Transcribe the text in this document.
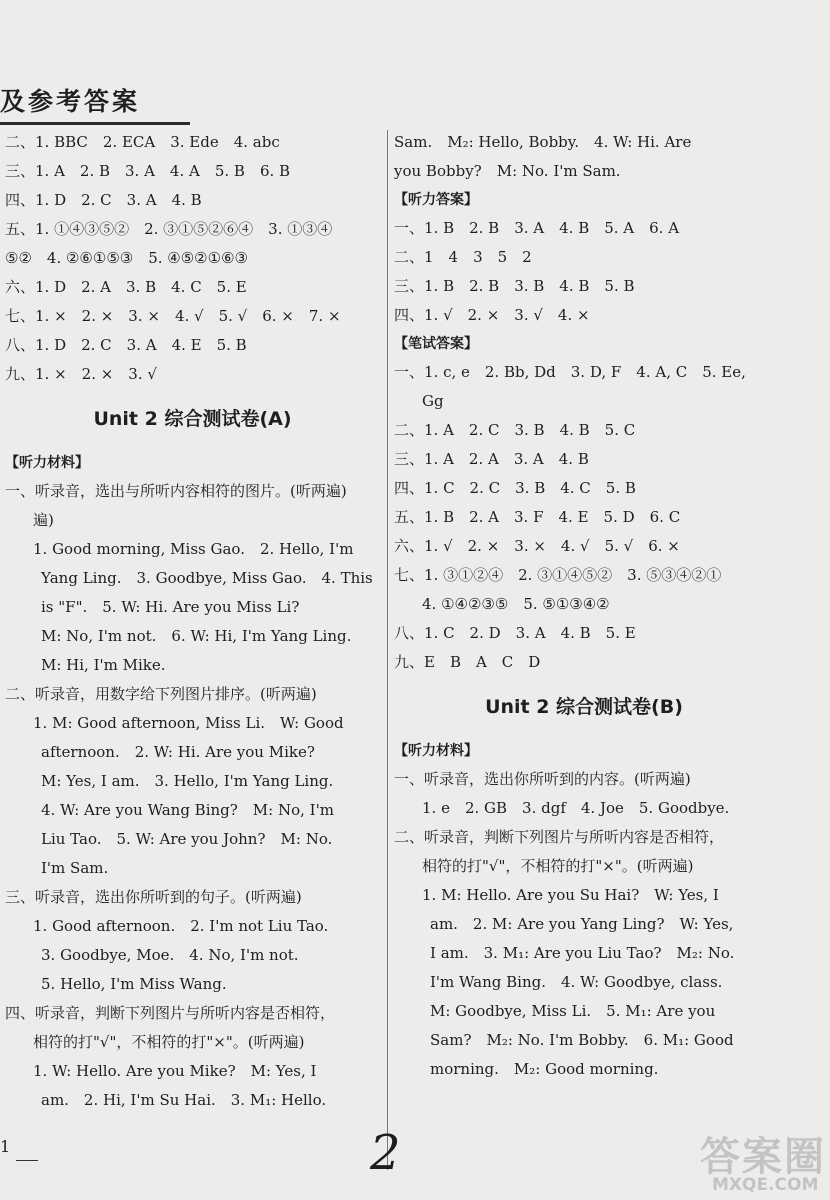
及参考答案
二、1. BBC　2. ECA　3. Ede　4. abc
三、1. A　2. B　3. A　4. A　5. B　6. B
四、1. D　2. C　3. A　4. B
五、1. ①④③⑤②　2. ③①⑤②⑥④　3. ①③④
⑤②　4. ②⑥①⑤③　5. ④⑤②①⑥③
六、1. D　2. A　3. B　4. C　5. E
七、1. ×　2. ×　3. ×　4. √　5. √　6. ×　7. ×
八、1. D　2. C　3. A　4. E　5. B
九、1. ×　2. ×　3. √
Unit 2 综合测试卷(A)
【听力材料】
一、听录音，选出与所听内容相符的图片。(听两遍)
遍)
1. Good morning, Miss Gao.　2. Hello, I'm
Yang Ling.　3. Goodbye, Miss Gao.　4. This
is "F".　5. W: Hi. Are you Miss Li?
M: No, I'm not.　6. W: Hi, I'm Yang Ling.
M: Hi, I'm Mike.
二、听录音，用数字给下列图片排序。(听两遍)
1. M: Good afternoon, Miss Li.　W: Good
afternoon.　2. W: Hi. Are you Mike?
M: Yes, I am.　3. Hello, I'm Yang Ling.
4. W: Are you Wang Bing?　M: No, I'm
Liu Tao.　5. W: Are you John?　M: No.
I'm Sam.
三、听录音，选出你所听到的句子。(听两遍)
1. Good afternoon.　2. I'm not Liu Tao.
3. Goodbye, Moe.　4. No, I'm not.
5. Hello, I'm Miss Wang.
四、听录音，判断下列图片与所听内容是否相符，
相符的打"√"，不相符的打"×"。(听两遍)
1. W: Hello. Are you Mike?　M: Yes, I
am.　2. Hi, I'm Su Hai.　3. M₁: Hello.
Sam.　M₂: Hello, Bobby.　4. W: Hi. Are
you Bobby?　M: No. I'm Sam.
【听力答案】
一、1. B　2. B　3. A　4. B　5. A　6. A
二、1　4　3　5　2
三、1. B　2. B　3. B　4. B　5. B
四、1. √　2. ×　3. √　4. ×
【笔试答案】
一、1. c, e　2. Bb, Dd　3. D, F　4. A, C　5. Ee,
Gg
二、1. A　2. C　3. B　4. B　5. C
三、1. A　2. A　3. A　4. B
四、1. C　2. C　3. B　4. C　5. B
五、1. B　2. A　3. F　4. E　5. D　6. C
六、1. √　2. ×　3. ×　4. √　5. √　6. ×
七、1. ③①②④　2. ③①④⑤②　3. ⑤③④②①
4. ①④②③⑤　5. ⑤①③④②
八、1. C　2. D　3. A　4. B　5. E
九、E　B　A　C　D
Unit 2 综合测试卷(B)
【听力材料】
一、听录音，选出你所听到的内容。(听两遍)
1. e　2. GB　3. dgf　4. Joe　5. Goodbye.
二、听录音，判断下列图片与所听内容是否相符，
相符的打"√"，不相符的打"×"。(听两遍)
1. M: Hello. Are you Su Hai?　W: Yes, I
am.　2. M: Are you Yang Ling?　W: Yes,
I am.　3. M₁: Are you Liu Tao?　M₂: No.
I'm Wang Bing.　4. W: Goodbye, class.
M: Goodbye, Miss Li.　5. M₁: Are you
Sam?　M₂: No. I'm Bobby.　6. M₁: Good
morning.　M₂: Good morning.
1	2	答案圈
MXQE.COM
